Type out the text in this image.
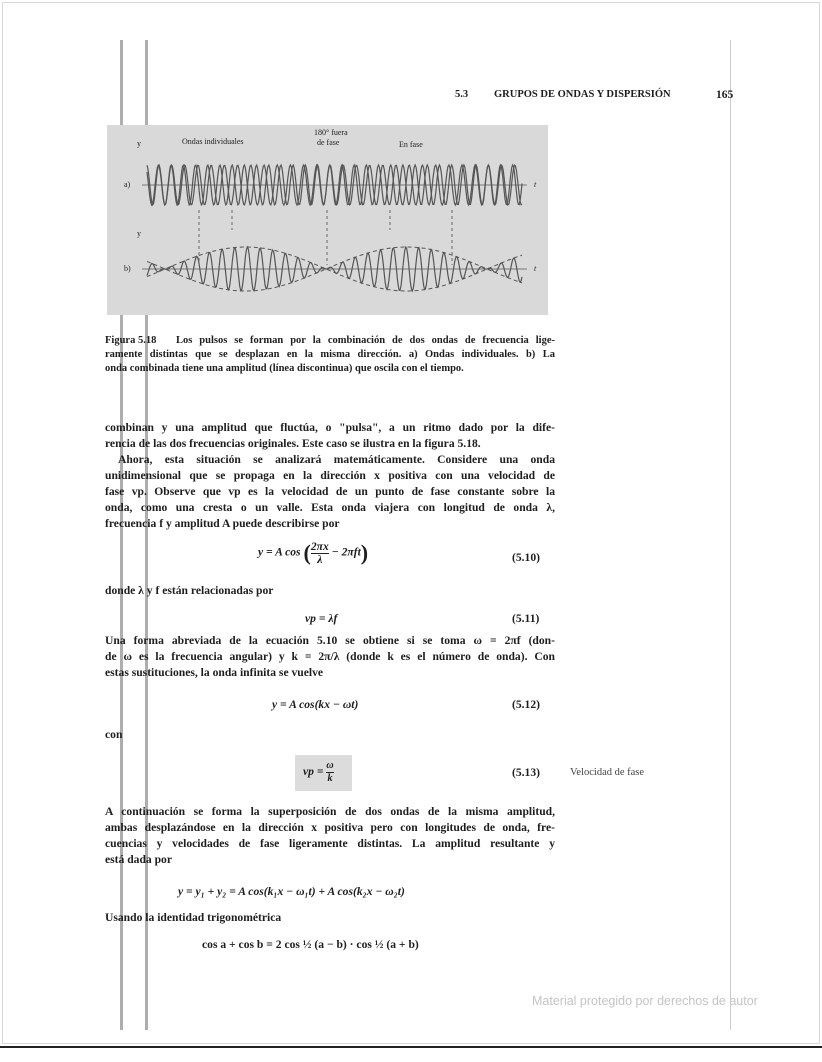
5.3 GRUPOS DE ONDAS Y DISPERSIÓN	165
y
y
a)
b)
t
t
Ondas individuales
180° fuera
de fase	En fase
Figura 5.18 Los pulsos se forman por la combinación de dos ondas de frecuencia lige-
ramente distintas que se desplazan en la misma dirección. a) Ondas individuales. b) La
onda combinada tiene una amplitud (línea discontinua) que oscila con el tiempo.
combinan y una amplitud que fluctúa, o "pulsa", a un ritmo dado por la dife-
rencia de las dos frecuencias originales. Este caso se ilustra en la figura 5.18.
Ahora, esta situación se analizará matemáticamente. Considere una onda
unidimensional que se propaga en la dirección x positiva con una velocidad de
fase vp. Observe que vp es la velocidad de un punto de fase constante sobre la
onda, como una cresta o un valle. Esta onda viajera con longitud de onda λ,
frecuencia f y amplitud A puede describirse por
y = A cos ( $\frac{2\pi x}{\lambda} - 2\pi ft$)	(5.10)
donde λ y f están relacionadas por
vp = λf	(5.11)
Una forma abreviada de la ecuación 5.10 se obtiene si se toma ω = 2πf (don-
de ω es la frecuencia angular) y k = 2π/λ (donde k es el número de onda). Con
estas sustituciones, la onda infinita se vuelve
y = A cos(kx − ωt)	(5.12)
con
vp = $\frac{\omega}{k}$	(5.13)	Velocidad de fase
A continuación se forma la superposición de dos ondas de la misma amplitud,
ambas desplazándose en la dirección x positiva pero con longitudes de onda, fre-
cuencias y velocidades de fase ligeramente distintas. La amplitud resultante y
está dada por
y = y₁ + y₂ = A cos(k₁x − ω₁t) + A cos(k₂x − ω₂t)
Usando la identidad trigonométrica
cos a + cos b = 2 cos ½ (a − b) · cos ½ (a + b)
Material protegido por derechos de autor
